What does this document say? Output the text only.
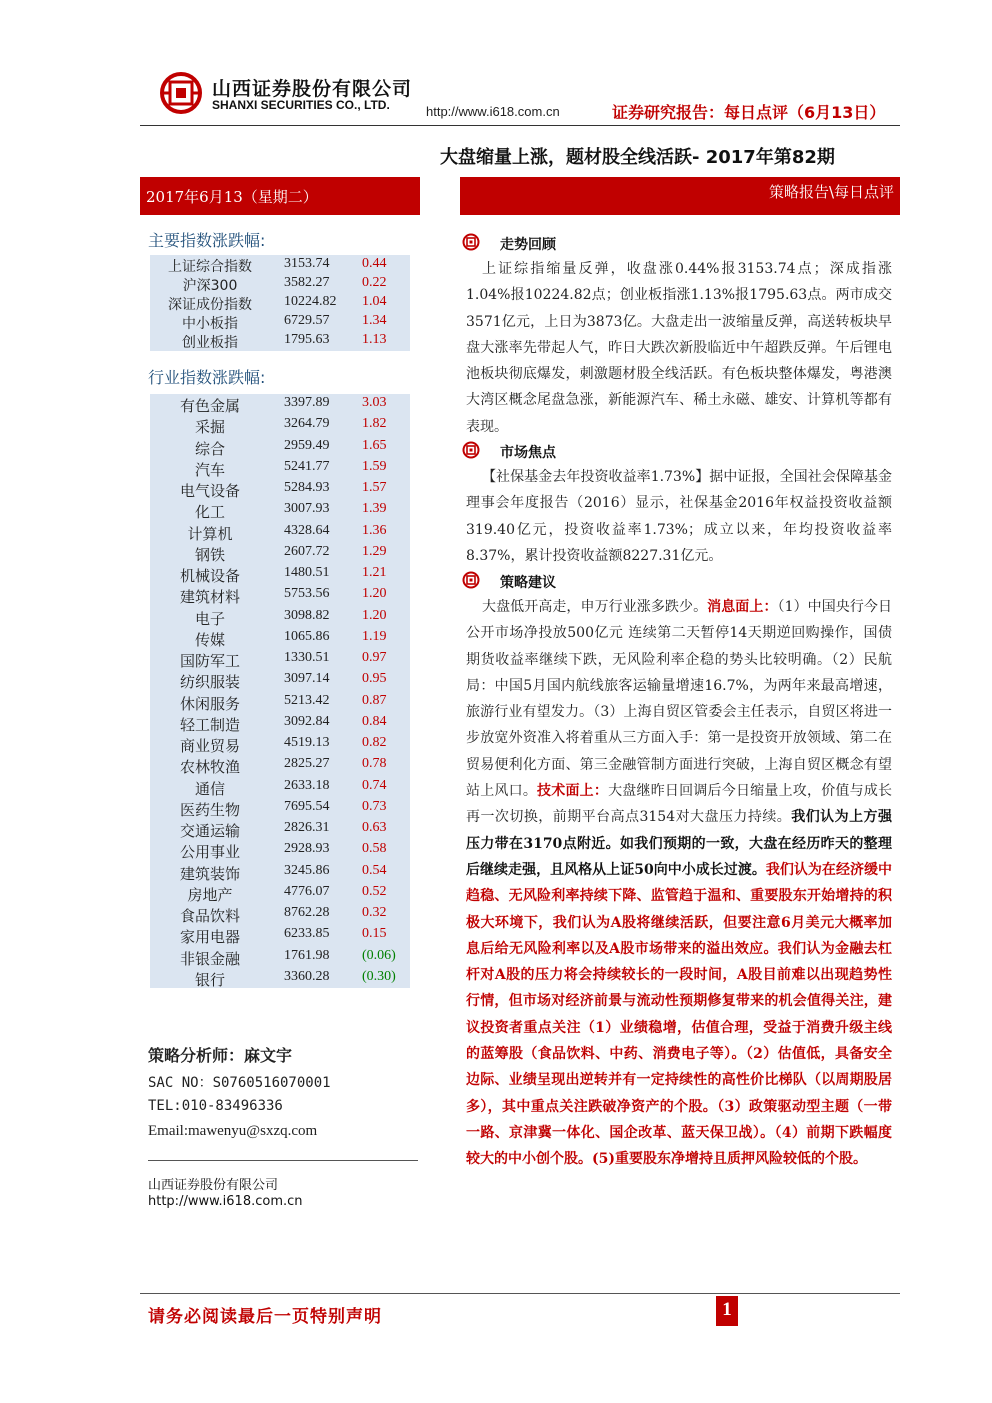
山西证券股份有限公司
SHANXI SECURITIES CO., LTD.	http://www.i618.com.cn	证券研究报告：每日点评（6月13日）
大盘缩量上涨，题材股全线活跃- 2017年第82期
2017年6月13（星期二）	策略报告\每日点评
主要指数涨跌幅:
上证综合指数	3153.74 0.44
沪深300	3582.27 0.22
深证成份指数	10224.82 1.04
中小板指	6729.57 1.34
创业板指	1795.63 1.13
行业指数涨跌幅:
有色金属	3397.89 3.03
采掘	3264.79 1.82
综合	2959.49 1.65
汽车	5241.77 1.59
电气设备	5284.93 1.57
化工	3007.93 1.39
计算机	4328.64 1.36
钢铁	2607.72 1.29
机械设备	1480.51 1.21
建筑材料	5753.56 1.20
电子	3098.82 1.20
传媒	1065.86 1.19
国防军工	1330.51 0.97
纺织服装	3097.14 0.95
休闲服务	5213.42 0.87
轻工制造	3092.84 0.84
商业贸易	4519.13 0.82
农林牧渔	2825.27 0.78
通信	2633.18 0.74
医药生物	7695.54 0.73
交通运输	2826.31 0.63
公用事业	2928.93 0.58
建筑装饰	3245.86 0.54
房地产	4776.07 0.52
食品饮料	8762.28 0.32
家用电器	6233.85 0.15
非银金融	1761.98 (0.06)
银行	3360.28 (0.30)
策略分析师：麻文宇
SAC NO：S0760516070001
TEL:010-83496336
Email:mawenyu@sxzq.com
山西证券股份有限公司
http://www.i618.com.cn
走势回顾
上证综指缩量反弹，收盘涨0.44%报3153.74点；深成指涨1.04%报10224.82点；创业板指涨1.13%报1795.63点。两市成交3571亿元，上日为3873亿。大盘走出一波缩量反弹，高送转板块早盘大涨率先带起人气，昨日大跌次新股临近中午超跌反弹。午后锂电池板块彻底爆发，刺激题材股全线活跃。有色板块整体爆发，粤港澳大湾区概念尾盘急涨，新能源汽车、稀土永磁、雄安、计算机等都有表现。
市场焦点
【社保基金去年投资收益率1.73%】据中证报，全国社会保障基金理事会年度报告（2016）显示，社保基金2016年权益投资收益额319.40亿元，投资收益率1.73%；成立以来，年均投资收益率8.37%，累计投资收益额8227.31亿元。
策略建议
大盘低开高走，申万行业涨多跌少。消息面上：（1）中国央行今日公开市场净投放500亿元 连续第二天暂停14天期逆回购操作，国债期货收益率继续下跌，无风险利率企稳的势头比较明确。（2）民航局：中国5月国内航线旅客运输量增速16.7%，为两年来最高增速，旅游行业有望发力。（3）上海自贸区管委会主任表示，自贸区将进一步放宽外资准入将着重从三方面入手：第一是投资开放领域、第二在贸易便利化方面、第三金融管制方面进行突破，上海自贸区概念有望站上风口。技术面上：大盘继昨日回调后今日缩量上攻，价值与成长再一次切换，前期平台高点3154对大盘压力持续。我们认为上方强压力带在3170点附近。如我们预期的一致，大盘在经历昨天的整理后继续走强，且风格从上证50向中小成长过渡。我们认为在经济缓中趋稳、无风险利率持续下降、监管趋于温和、重要股东开始增持的积极大环境下，我们认为A股将继续活跃，但要注意6月美元大概率加息后给无风险利率以及A股市场带来的溢出效应。我们认为金融去杠杆对A股的压力将会持续较长的一段时间，A股目前难以出现趋势性行情，但市场对经济前景与流动性预期修复带来的机会值得关注，建议投资者重点关注（1）业绩稳增，估值合理，受益于消费升级主线的蓝筹股（食品饮料、中药、消费电子等）。（2）估值低，具备安全边际、业绩呈现出逆转并有一定持续性的高性价比梯队（以周期股居多），其中重点关注跌破净资产的个股。（3）政策驱动型主题（一带一路、京津冀一体化、国企改革、蓝天保卫战）。（4）前期下跌幅度较大的中小创个股。(5)重要股东净增持且质押风险较低的个股。
请务必阅读最后一页特别声明	1
